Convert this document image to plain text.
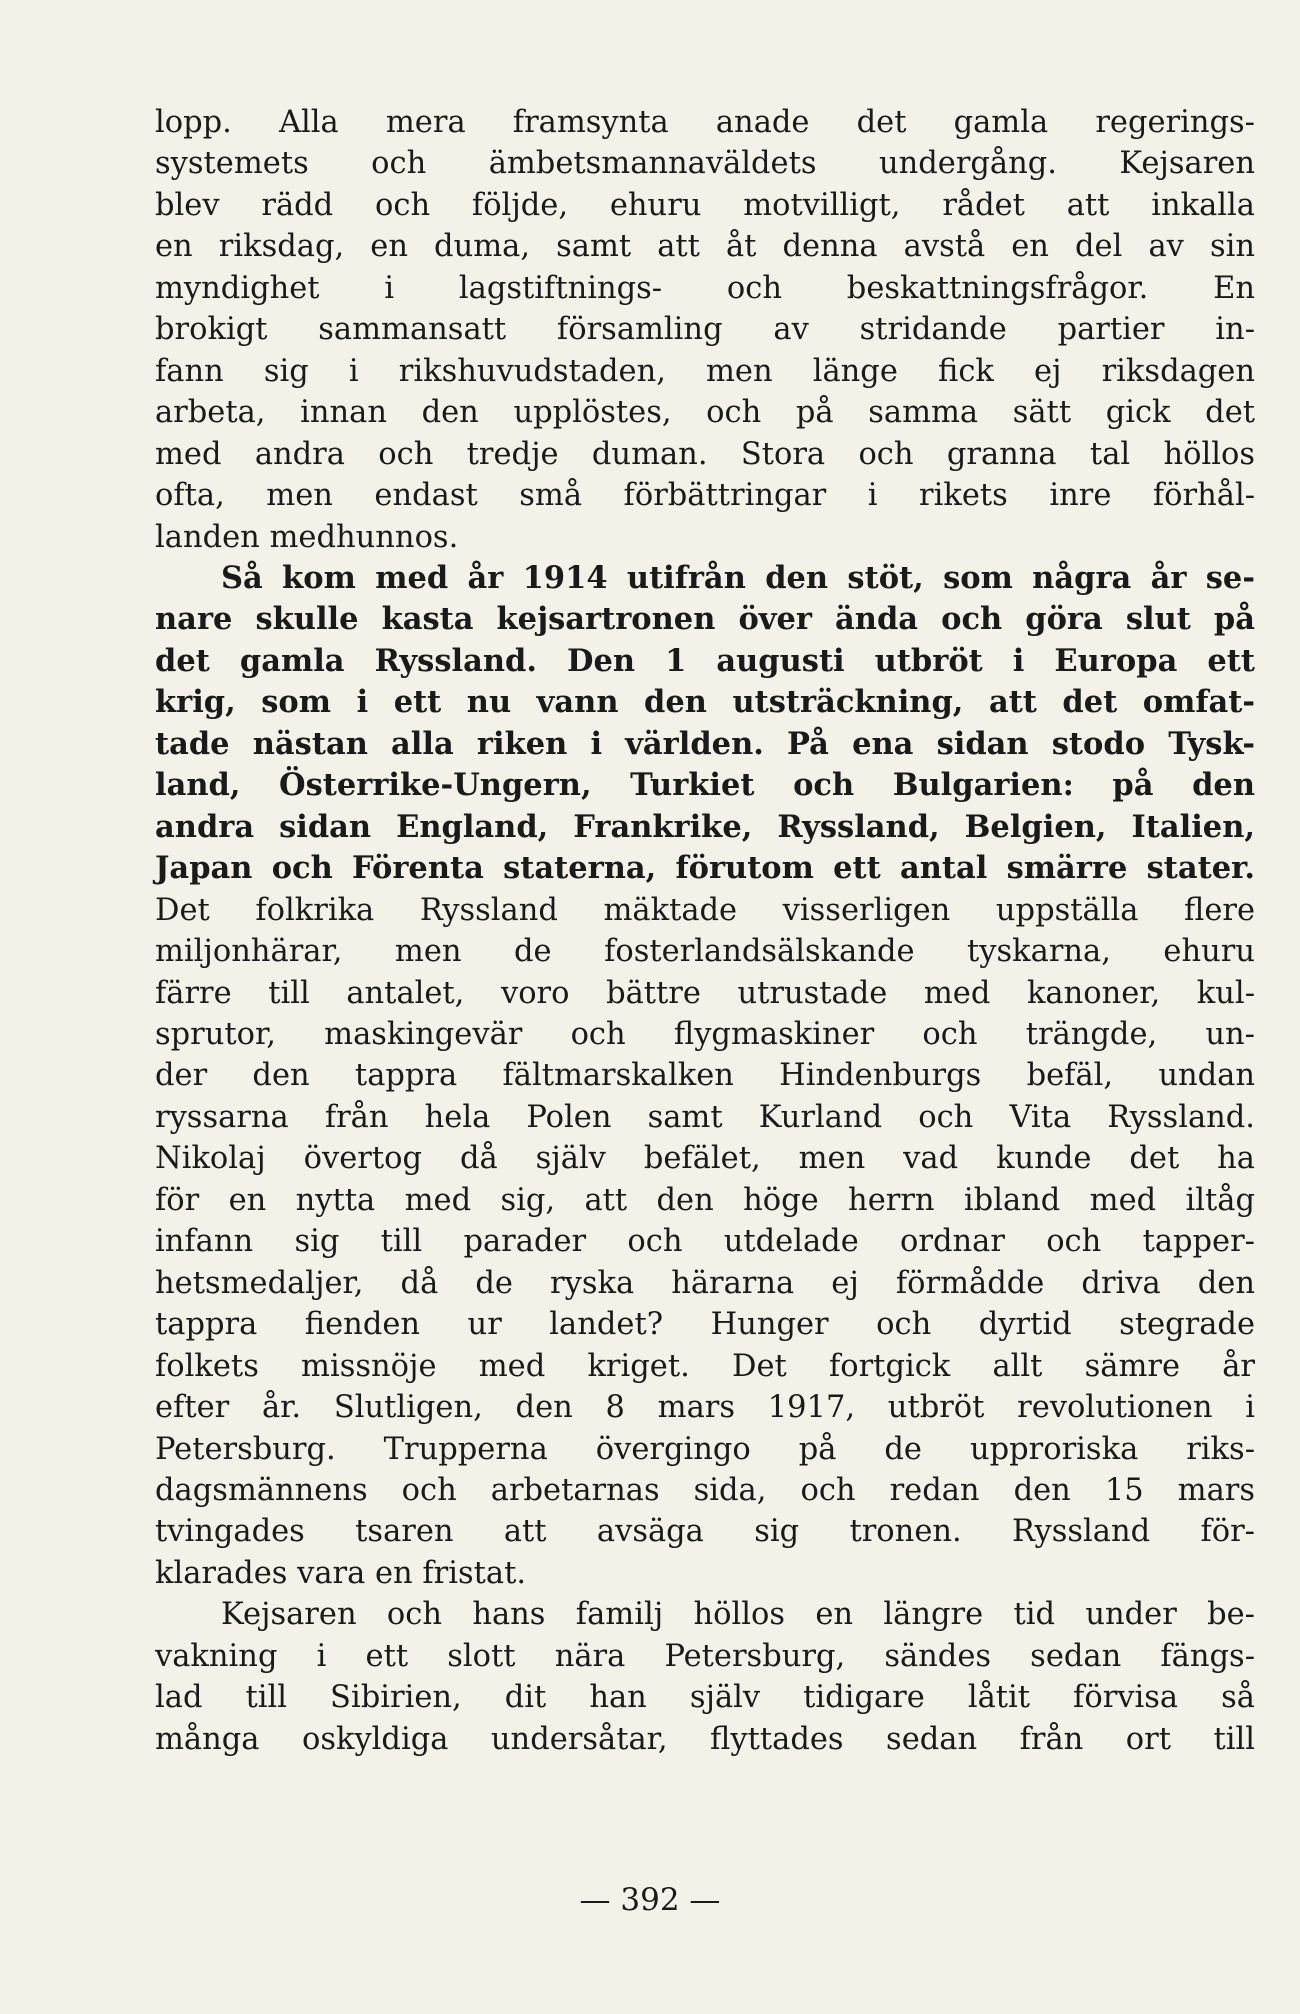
lopp. Alla mera framsynta anade det gamla regerings-
systemets och ämbetsmannaväldets undergång. Kejsaren
blev rädd och följde, ehuru motvilligt, rådet att inkalla
en riksdag, en duma, samt att åt denna avstå en del av sin
myndighet i lagstiftnings- och beskattningsfrågor. En
brokigt sammansatt församling av stridande partier in-
fann sig i rikshuvudstaden, men länge fick ej riksdagen
arbeta, innan den upplöstes, och på samma sätt gick det
med andra och tredje duman. Stora och granna tal höllos
ofta, men endast små förbättringar i rikets inre förhål-
landen medhunnos.
Så kom med år 1914 utifrån den stöt, som några år se-
nare skulle kasta kejsartronen över ända och göra slut på
det gamla Ryssland. Den 1 augusti utbröt i Europa ett
krig, som i ett nu vann den utsträckning, att det omfat-
tade nästan alla riken i världen. På ena sidan stodo Tysk-
land, Österrike-Ungern, Turkiet och Bulgarien: på den
andra sidan England, Frankrike, Ryssland, Belgien, Italien,
Japan och Förenta staterna, förutom ett antal smärre stater.
Det folkrika Ryssland mäktade visserligen uppställa flere
miljonhärar, men de fosterlandsälskande tyskarna, ehuru
färre till antalet, voro bättre utrustade med kanoner, kul-
sprutor, maskingevär och flygmaskiner och trängde, un-
der den tappra fältmarskalken Hindenburgs befäl, undan
ryssarna från hela Polen samt Kurland och Vita Ryssland.
Nikolaj övertog då själv befälet, men vad kunde det ha
för en nytta med sig, att den höge herrn ibland med iltåg
infann sig till parader och utdelade ordnar och tapper-
hetsmedaljer, då de ryska härarna ej förmådde driva den
tappra fienden ur landet? Hunger och dyrtid stegrade
folkets missnöje med kriget. Det fortgick allt sämre år
efter år. Slutligen, den 8 mars 1917, utbröt revolutionen i
Petersburg. Trupperna övergingo på de upproriska riks-
dagsmännens och arbetarnas sida, och redan den 15 mars
tvingades tsaren att avsäga sig tronen. Ryssland för-
klarades vara en fristat.
Kejsaren och hans familj höllos en längre tid under be-
vakning i ett slott nära Petersburg, sändes sedan fängs-
lad till Sibirien, dit han själv tidigare låtit förvisa så
många oskyldiga undersåtar, flyttades sedan från ort till
— 392 —
